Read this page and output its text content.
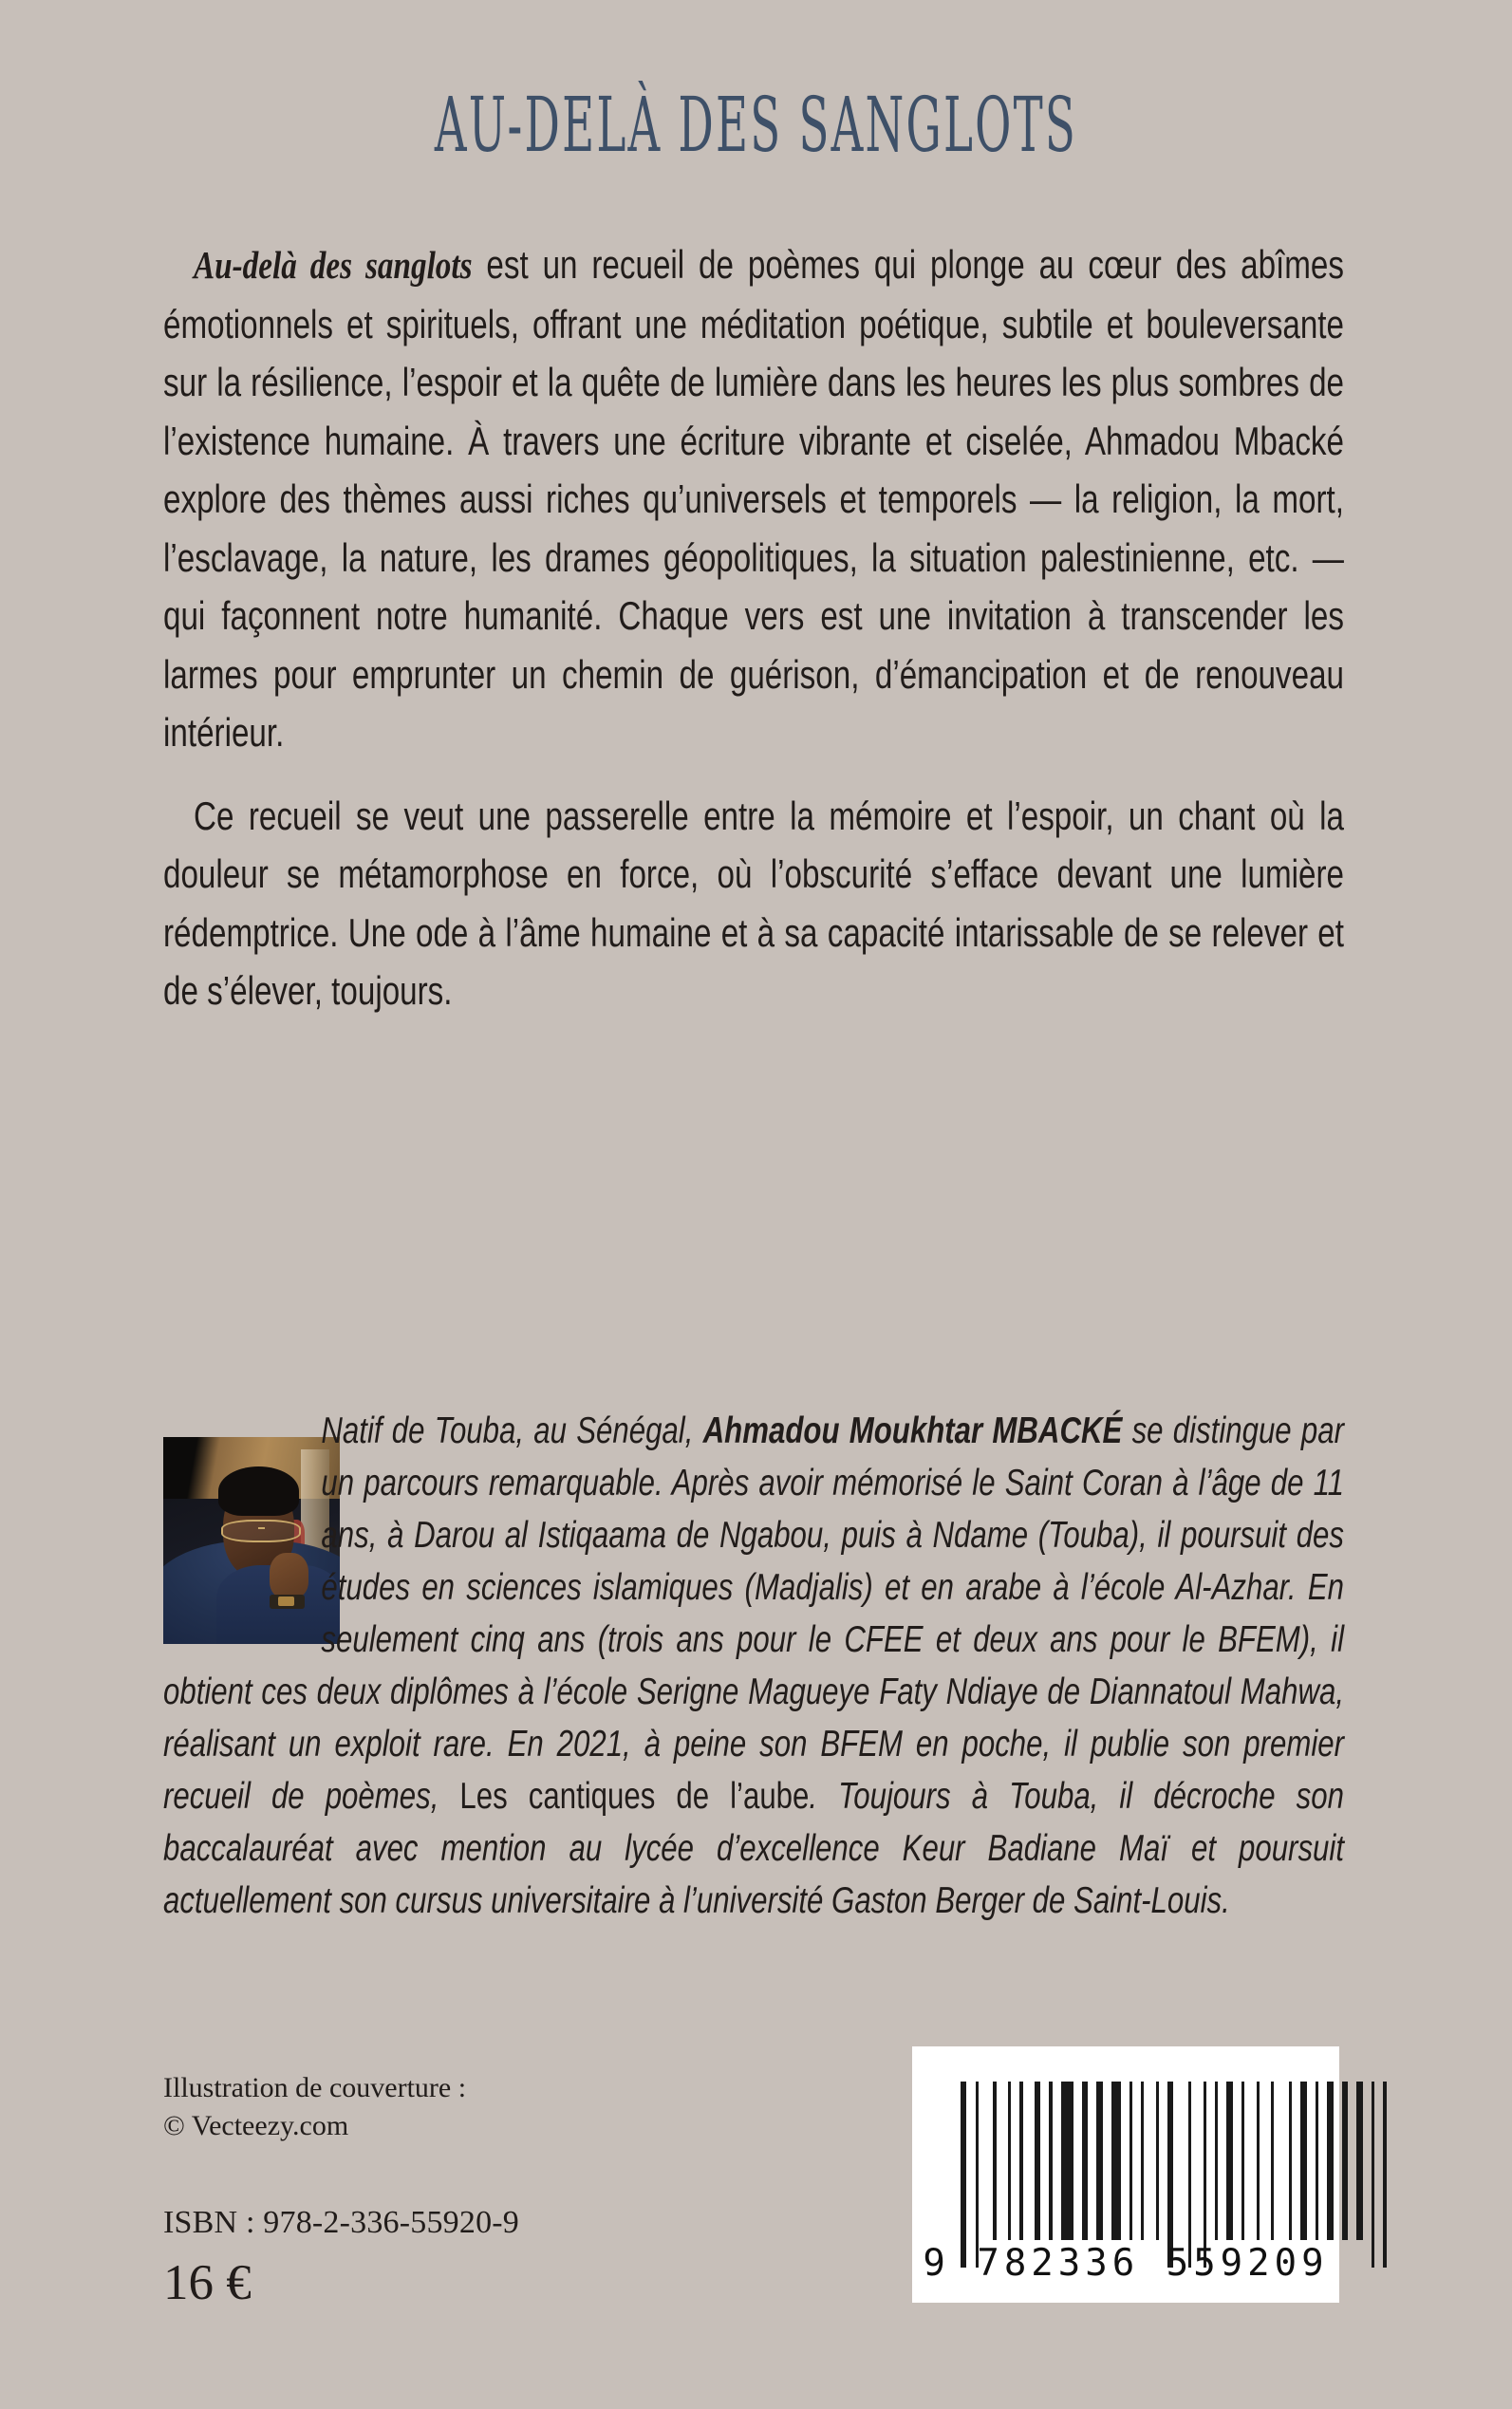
AU-DELÀ DES SANGLOTS

Au-delà des sanglots est un recueil de poèmes qui plonge au cœur des abîmes émotionnels et spirituels, offrant une méditation poétique, subtile et bouleversante sur la résilience, l’espoir et la quête de lumière dans les heures les plus sombres de l’existence humaine. À travers une écriture vibrante et ciselée, Ahmadou Mbacké explore des thèmes aussi riches qu’universels et temporels — la religion, la mort, l’esclavage, la nature, les drames géopolitiques, la situation palestinienne, etc. — qui façonnent notre humanité. Chaque vers est une invitation à transcender les larmes pour emprunter un chemin de guérison, d’émancipation et de renouveau intérieur.

Ce recueil se veut une passerelle entre la mémoire et l’espoir, un chant où la douleur se métamorphose en force, où l’obscurité s’efface devant une lumière rédemptrice. Une ode à l’âme humaine et à sa capacité intarissable de se relever et de s’élever, toujours.

Natif de Touba, au Sénégal, Ahmadou Moukhtar MBACKÉ se distingue par un parcours remarquable. Après avoir mémorisé le Saint Coran à l’âge de 11 ans, à Darou al Istiqaama de Ngabou, puis à Ndame (Touba), il poursuit des études en sciences islamiques (Madjalis) et en arabe à l’école Al-Azhar. En seulement cinq ans (trois ans pour le CFEE et deux ans pour le BFEM), il obtient ces deux diplômes à l’école Serigne Magueye Faty Ndiaye de Diannatoul Mahwa, réalisant un exploit rare. En 2021, à peine son BFEM en poche, il publie son premier recueil de poèmes, Les cantiques de l’aube. Toujours à Touba, il décroche son baccalauréat avec mention au lycée d’excellence Keur Badiane Maï et poursuit actuellement son cursus universitaire à l’université Gaston Berger de Saint-Louis.

Illustration de couverture :

© Vecteezy.com

ISBN : 978-2-336-55920-9

16 €	9 782336 559209
